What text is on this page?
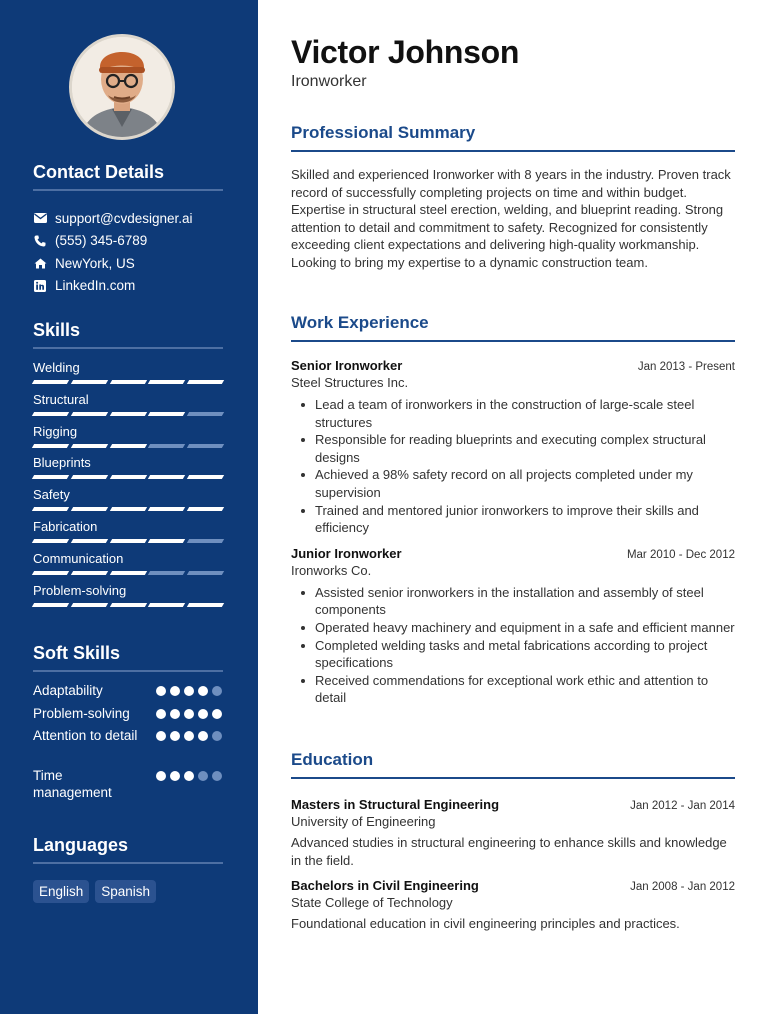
Contact Details
support@cvdesigner.ai
(555) 345-6789
NewYork, US
LinkedIn.com
Skills
Welding
Structural
Rigging
Blueprints
Safety
Fabrication
Communication
Problem-solving
Soft Skills
Adaptability
Problem-solving
Attention to detail
Time management
Languages
English	Spanish
Victor Johnson
Ironworker
Professional Summary

Skilled and experienced Ironworker with 8 years in the industry. Proven track record of successfully completing projects on time and within budget. Expertise in structural steel erection, welding, and blueprint reading. Strong attention to detail and commitment to safety. Recognized for consistently exceeding client expectations and delivering high-quality workmanship. Looking to bring my expertise to a dynamic construction team.

Work Experience
Senior Ironworker	Jan 2013 - Present
Steel Structures Inc.
Lead a team of ironworkers in the construction of large-scale steel structures
Responsible for reading blueprints and executing complex structural designs
Achieved a 98% safety record on all projects completed under my supervision
Trained and mentored junior ironworkers to improve their skills and efficiency
Junior Ironworker	Mar 2010 - Dec 2012
Ironworks Co.
Assisted senior ironworkers in the installation and assembly of steel components
Operated heavy machinery and equipment in a safe and efficient manner
Completed welding tasks and metal fabrications according to project specifications
Received commendations for exceptional work ethic and attention to detail
Education
Masters in Structural Engineering	Jan 2012 - Jan 2014
University of Engineering

Advanced studies in structural engineering to enhance skills and knowledge in the field.

Bachelors in Civil Engineering	Jan 2008 - Jan 2012
State College of Technology

Foundational education in civil engineering principles and practices.
